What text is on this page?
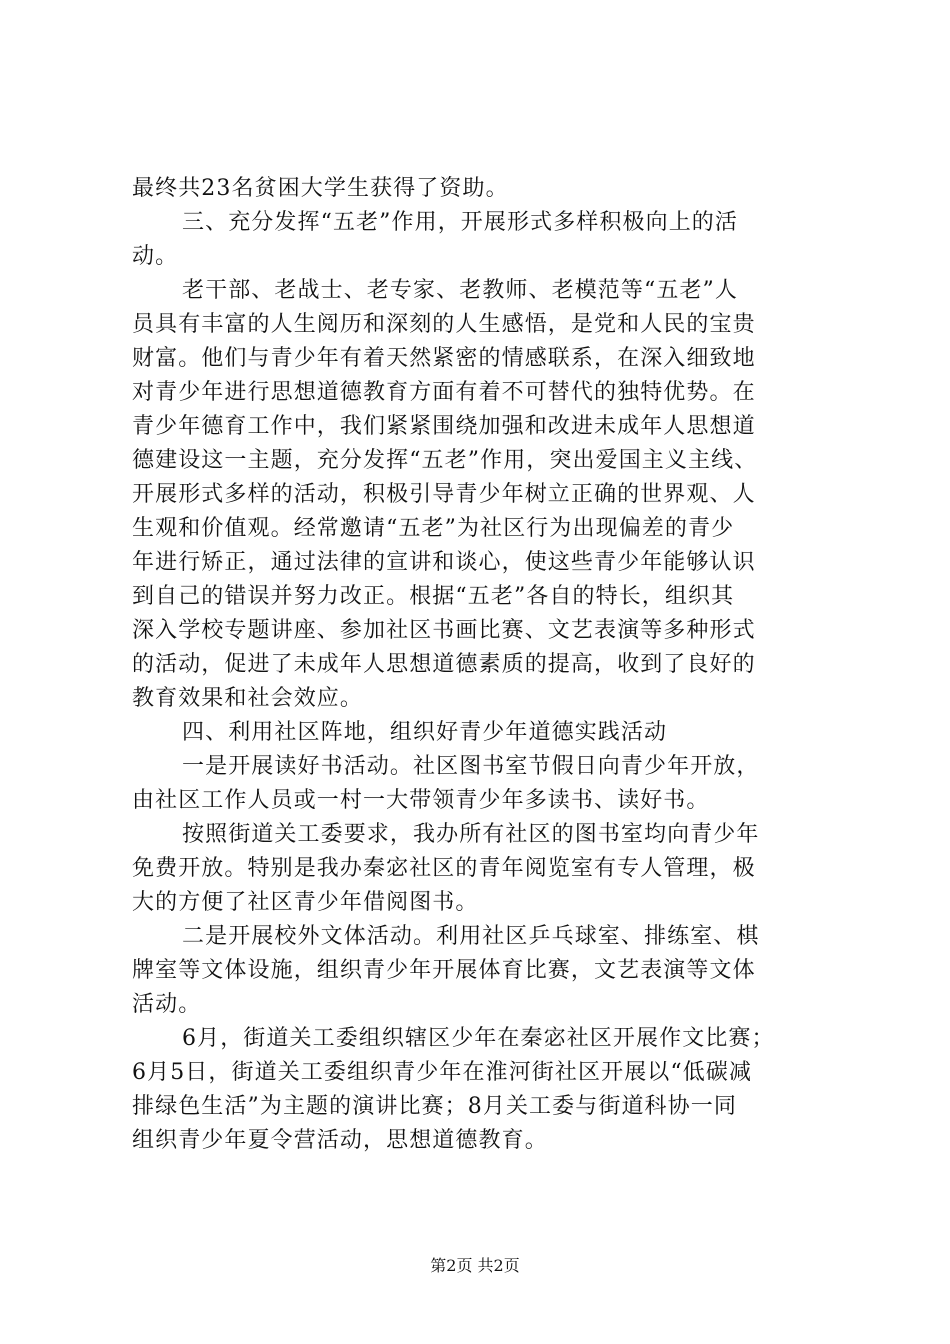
最终共23名贫困大学生获得了资助。
三、充分发挥“五老”作用，开展形式多样积极向上的活
动。
老干部、老战士、老专家、老教师、老模范等“五老”人
员具有丰富的人生阅历和深刻的人生感悟，是党和人民的宝贵
财富。他们与青少年有着天然紧密的情感联系，在深入细致地
对青少年进行思想道德教育方面有着不可替代的独特优势。在
青少年德育工作中，我们紧紧围绕加强和改进未成年人思想道
德建设这一主题，充分发挥“五老”作用，突出爱国主义主线、
开展形式多样的活动，积极引导青少年树立正确的世界观、人
生观和价值观。经常邀请“五老”为社区行为出现偏差的青少
年进行矫正，通过法律的宣讲和谈心，使这些青少年能够认识
到自己的错误并努力改正。根据“五老”各自的特长，组织其
深入学校专题讲座、参加社区书画比赛、文艺表演等多种形式
的活动，促进了未成年人思想道德素质的提高，收到了良好的
教育效果和社会效应。
四、利用社区阵地，组织好青少年道德实践活动
一是开展读好书活动。社区图书室节假日向青少年开放，
由社区工作人员或一村一大带领青少年多读书、读好书。
按照街道关工委要求，我办所有社区的图书室均向青少年
免费开放。特别是我办秦宓社区的青年阅览室有专人管理，极
大的方便了社区青少年借阅图书。
二是开展校外文体活动。利用社区乒乓球室、排练室、棋
牌室等文体设施，组织青少年开展体育比赛，文艺表演等文体
活动。
6月，街道关工委组织辖区少年在秦宓社区开展作文比赛；
6月5日，街道关工委组织青少年在淮河街社区开展以“低碳减
排绿色生活”为主题的演讲比赛；8月关工委与街道科协一同
组织青少年夏令营活动，思想道德教育。
第2页 共2页
